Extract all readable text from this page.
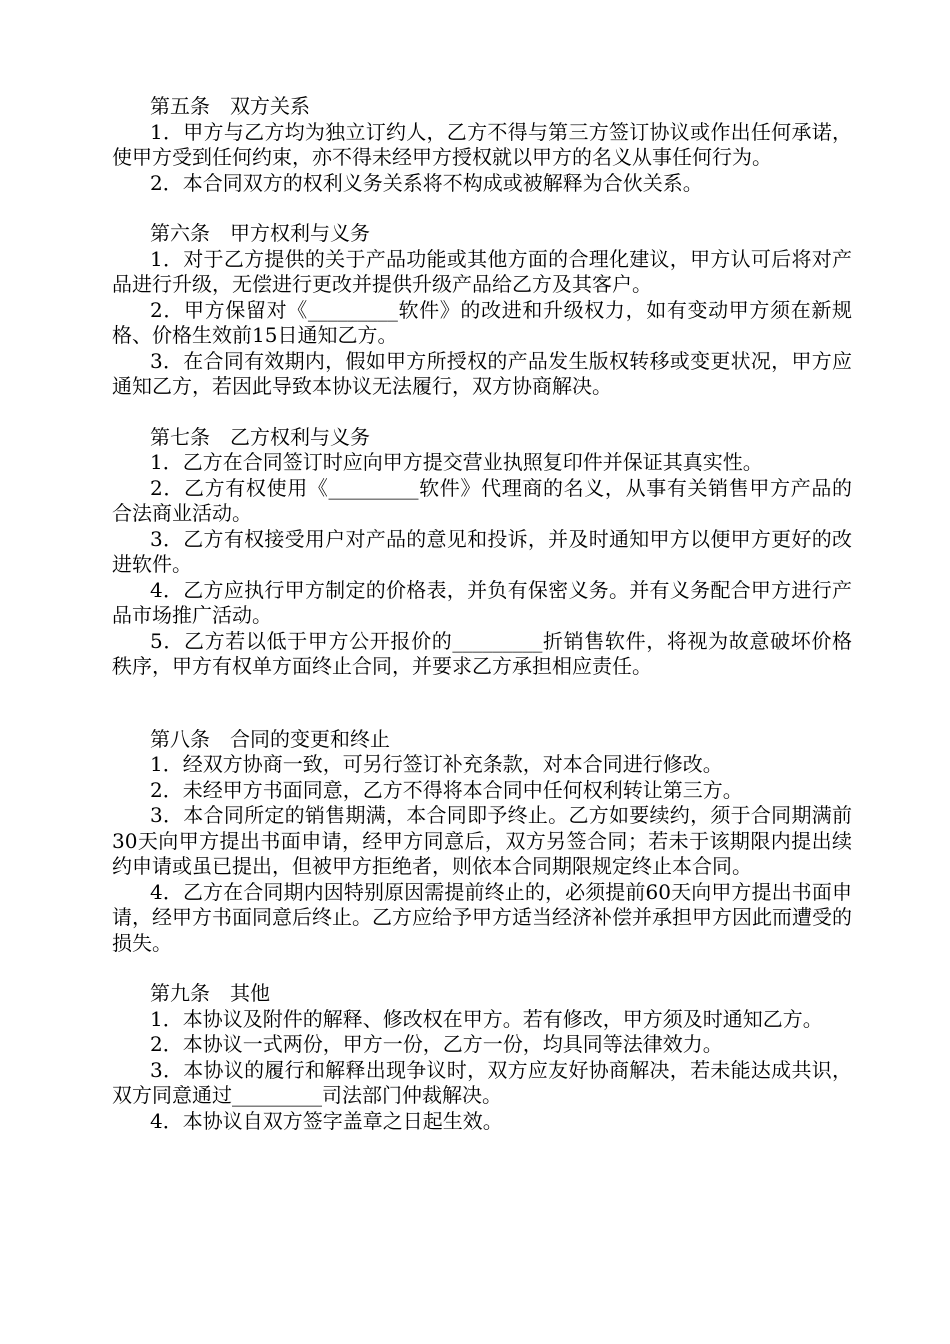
第五条　双方关系

1．甲方与乙方均为独立订约人，乙方不得与第三方签订协议或作出任何承诺，使甲方受到任何约束，亦不得未经甲方授权就以甲方的名义从事任何行为。

2．本合同双方的权利义务关系将不构成或被解释为合伙关系。

第六条　甲方权利与义务

1．对于乙方提供的关于产品功能或其他方面的合理化建议，甲方认可后将对产品进行升级，无偿进行更改并提供升级产品给乙方及其客户。

2．甲方保留对《_________软件》的改进和升级权力，如有变动甲方须在新规格、价格生效前15日通知乙方。

3．在合同有效期内，假如甲方所授权的产品发生版权转移或变更状况，甲方应通知乙方，若因此导致本协议无法履行，双方协商解决。

第七条　乙方权利与义务

1．乙方在合同签订时应向甲方提交营业执照复印件并保证其真实性。

2．乙方有权使用《_________软件》代理商的名义，从事有关销售甲方产品的合法商业活动。

3．乙方有权接受用户对产品的意见和投诉，并及时通知甲方以便甲方更好的改进软件。

4．乙方应执行甲方制定的价格表，并负有保密义务。并有义务配合甲方进行产品市场推广活动。

5．乙方若以低于甲方公开报价的_________折销售软件，将视为故意破坏价格秩序，甲方有权单方面终止合同，并要求乙方承担相应责任。

第八条　合同的变更和终止

1．经双方协商一致，可另行签订补充条款，对本合同进行修改。

2．未经甲方书面同意，乙方不得将本合同中任何权利转让第三方。

3．本合同所定的销售期满，本合同即予终止。乙方如要续约，须于合同期满前30天向甲方提出书面申请，经甲方同意后，双方另签合同；若未于该期限内提出续约申请或虽已提出，但被甲方拒绝者，则依本合同期限规定终止本合同。

4．乙方在合同期内因特别原因需提前终止的，必须提前60天向甲方提出书面申请，经甲方书面同意后终止。乙方应给予甲方适当经济补偿并承担甲方因此而遭受的损失。

第九条　其他

1．本协议及附件的解释、修改权在甲方。若有修改，甲方须及时通知乙方。

2．本协议一式两份，甲方一份，乙方一份，均具同等法律效力。

3．本协议的履行和解释出现争议时，双方应友好协商解决，若未能达成共识，双方同意通过_________司法部门仲裁解决。

4．本协议自双方签字盖章之日起生效。
